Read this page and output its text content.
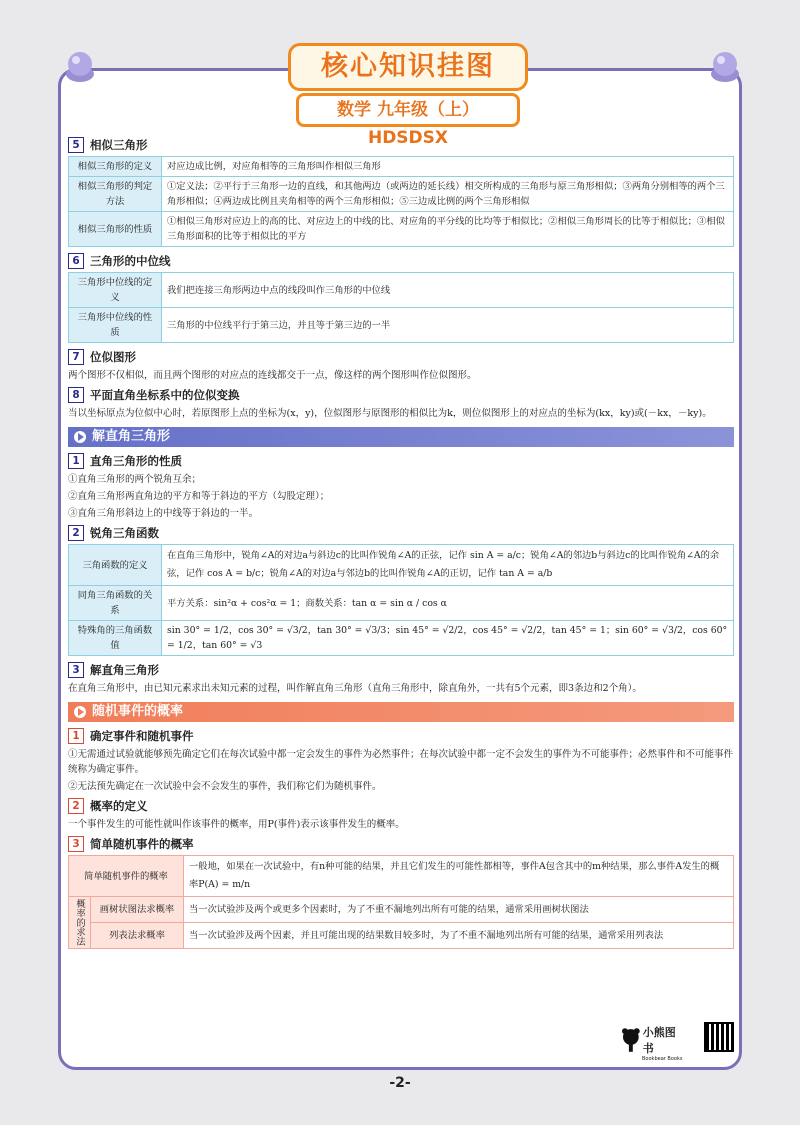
核心知识挂图
数学 九年级（上）HDSDSX
5 相似三角形
相似三角形的定义	对应边成比例，对应角相等的三角形叫作相似三角形
相似三角形的判定方法	①定义法；②平行于三角形一边的直线，和其他两边（或两边的延长线）相交所构成的三角形与原三角形相似；③两角分别相等的两个三角形相似；④两边成比例且夹角相等的两个三角形相似；⑤三边成比例的两个三角形相似
相似三角形的性质	①相似三角形对应边上的高的比、对应边上的中线的比、对应角的平分线的比均等于相似比；②相似三角形周长的比等于相似比；③相似三角形面积的比等于相似比的平方
6 三角形的中位线
三角形中位线的定义	我们把连接三角形两边中点的线段叫作三角形的中位线
三角形中位线的性质	三角形的中位线平行于第三边，并且等于第三边的一半
7 位似图形

两个图形不仅相似，而且两个图形的对应点的连线都交于一点，像这样的两个图形叫作位似图形。

8 平面直角坐标系中的位似变换

当以坐标原点为位似中心时，若原图形上点的坐标为(x，y)，位似图形与原图形的相似比为k，则位似图形上的对应点的坐标为(kx，ky)或(－kx，－ky)。

解直角三角形
1 直角三角形的性质

①直角三角形的两个锐角互余；

②直角三角形两直角边的平方和等于斜边的平方（勾股定理）；

③直角三角形斜边上的中线等于斜边的一半。

2 锐角三角函数
三角函数的定义	在直角三角形中，锐角∠A的对边a与斜边c的比叫作锐角∠A的正弦，记作 sin A = a/c；锐角∠A的邻边b与斜边c的比叫作锐角∠A的余弦，记作 cos A = b/c；锐角∠A的对边a与邻边b的比叫作锐角∠A的正切，记作 tan A = a/b
同角三角函数的关系	平方关系：sin²α + cos²α = 1；商数关系：tan α = sin α / cos α
特殊角的三角函数值	sin 30° = 1/2，cos 30° = √3/2，tan 30° = √3/3；sin 45° = √2/2，cos 45° = √2/2，tan 45° = 1；sin 60° = √3/2，cos 60° = 1/2，tan 60° = √3
3 解直角三角形

在直角三角形中，由已知元素求出未知元素的过程，叫作解直角三角形（直角三角形中，除直角外，一共有5个元素，即3条边和2个角）。

随机事件的概率
1 确定事件和随机事件

①无需通过试验就能够预先确定它们在每次试验中都一定会发生的事件为必然事件；在每次试验中都一定不会发生的事件为不可能事件；必然事件和不可能事件统称为确定事件。

②无法预先确定在一次试验中会不会发生的事件，我们称它们为随机事件。

2 概率的定义

一个事件发生的可能性就叫作该事件的概率，用P(事件)表示该事件发生的概率。

3 简单随机事件的概率
简单随机事件的概率		一般地，如果在一次试验中，有n种可能的结果，并且它们发生的可能性都相等，事件A包含其中的m种结果，那么事件A发生的概率P(A) = m/n
概率的求法	画树状图法求概率	当一次试验涉及两个或更多个因素时，为了不重不漏地列出所有可能的结果，通常采用画树状图法
	列表法求概率	当一次试验涉及两个因素，并且可能出现的结果数目较多时，为了不重不漏地列出所有可能的结果，通常采用列表法
小熊图书
Bookbear Books
-2-
